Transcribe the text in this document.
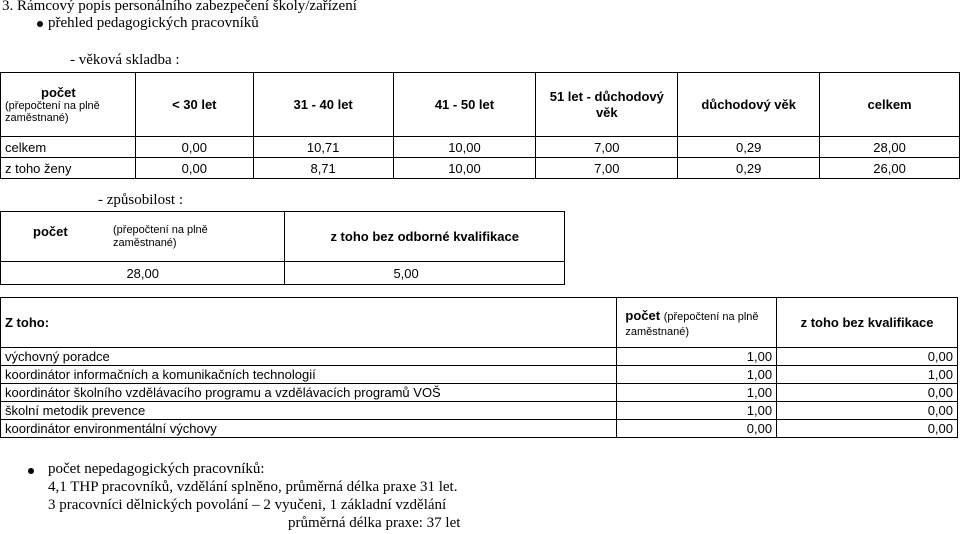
3. Rámcový popis personálního zabezpečení školy/zařízení
přehled pedagogických pracovníků
- věková skladba :
počet
(přepočtení na plně zaměstnané)	< 30 let	31 - 40 let	41 - 50 let	51 let - důchodový věk	důchodový věk	celkem
celkem	0,00	10,71	10,00	7,00	0,29	28,00
z toho ženy	0,00	8,71	10,00	7,00	0,29	26,00
- způsobilost :
počet (přepočtení na plně zaměstnané)	z toho bez odborné kvalifikace
28,00	5,00
Z toho:	počet (přepočtení na plně zaměstnané)	z toho bez kvalifikace
výchovný poradce	1,00	0,00
koordinátor informačních a komunikačních technologií	1,00	1,00
koordinátor školního vzdělávacího programu a vzdělávacích programů VOŠ	1,00	0,00
školní metodik prevence	1,00	0,00
koordinátor environmentální výchovy	0,00	0,00
počet nepedagogických pracovníků:
4,1 THP pracovníků, vzdělání splněno, průměrná délka praxe 31 let.
3 pracovníci dělnických povolání – 2 vyučeni, 1 základní vzdělání
průměrná délka praxe: 37 let
